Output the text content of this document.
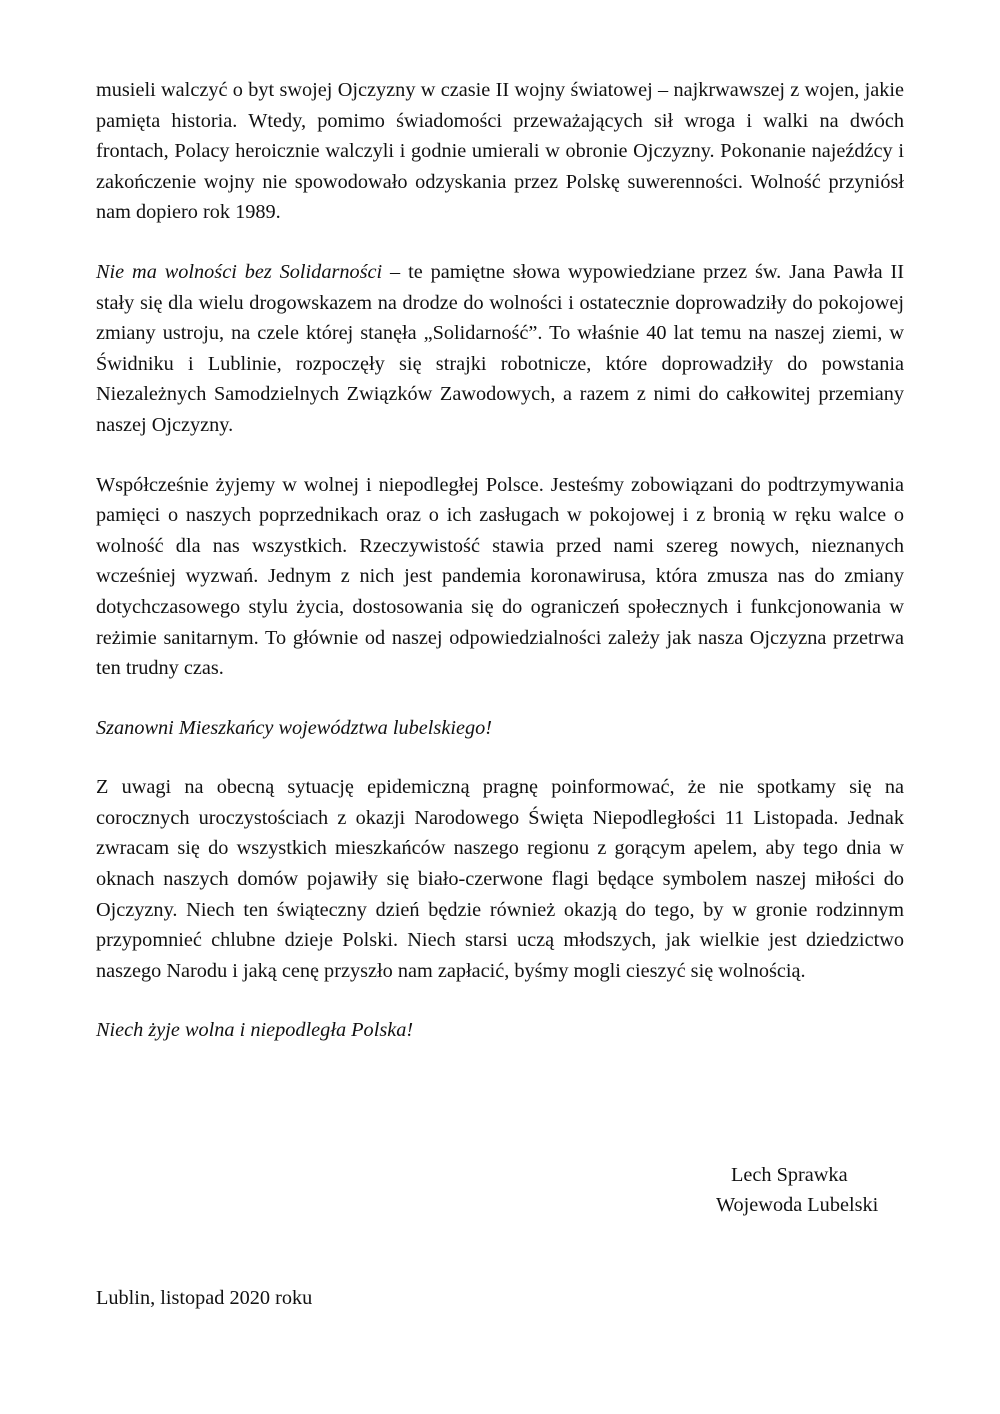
musieli walczyć o byt swojej Ojczyzny w czasie II wojny światowej – najkrwawszej z wojen, jakie pamięta historia. Wtedy, pomimo świadomości przeważających sił wroga i walki na dwóch frontach, Polacy heroicznie walczyli i godnie umierali w obronie Ojczyzny. Pokonanie najeźdźcy i zakończenie wojny nie spowodowało odzyskania przez Polskę suwerenności. Wolność przyniósł nam dopiero rok 1989.

Nie ma wolności bez Solidarności – te pamiętne słowa wypowiedziane przez św. Jana Pawła II stały się dla wielu drogowskazem na drodze do wolności i ostatecznie doprowadziły do pokojowej zmiany ustroju, na czele której stanęła „Solidarność”. To właśnie 40 lat temu na naszej ziemi, w Świdniku i Lublinie, rozpoczęły się strajki robotnicze, które doprowadziły do powstania Niezależnych Samodzielnych Związków Zawodowych, a razem z nimi do całkowitej przemiany naszej Ojczyzny.

Współcześnie żyjemy w wolnej i niepodległej Polsce. Jesteśmy zobowiązani do podtrzymywania pamięci o naszych poprzednikach oraz o ich zasługach w pokojowej i z bronią w ręku walce o wolność dla nas wszystkich. Rzeczywistość stawia przed nami szereg nowych, nieznanych wcześniej wyzwań. Jednym z nich jest pandemia koronawirusa, która zmusza nas do zmiany dotychczasowego stylu życia, dostosowania się do ograniczeń społecznych i funkcjonowania w reżimie sanitarnym. To głównie od naszej odpowiedzialności zależy jak nasza Ojczyzna przetrwa ten trudny czas.

Szanowni Mieszkańcy województwa lubelskiego!

Z uwagi na obecną sytuację epidemiczną pragnę poinformować, że nie spotkamy się na corocznych uroczystościach z okazji Narodowego Święta Niepodległości 11 Listopada. Jednak zwracam się do wszystkich mieszkańców naszego regionu z gorącym apelem, aby tego dnia w oknach naszych domów pojawiły się biało-czerwone flagi będące symbolem naszej miłości do Ojczyzny. Niech ten świąteczny dzień będzie również okazją do tego, by w gronie rodzinnym przypomnieć chlubne dzieje Polski. Niech starsi uczą młodszych, jak wielkie jest dziedzictwo naszego Narodu i jaką cenę przyszło nam zapłacić, byśmy mogli cieszyć się wolnością.

Niech żyje wolna i niepodległa Polska!

Lech Sprawka
Wojewoda Lubelski
Lublin, listopad 2020 roku
